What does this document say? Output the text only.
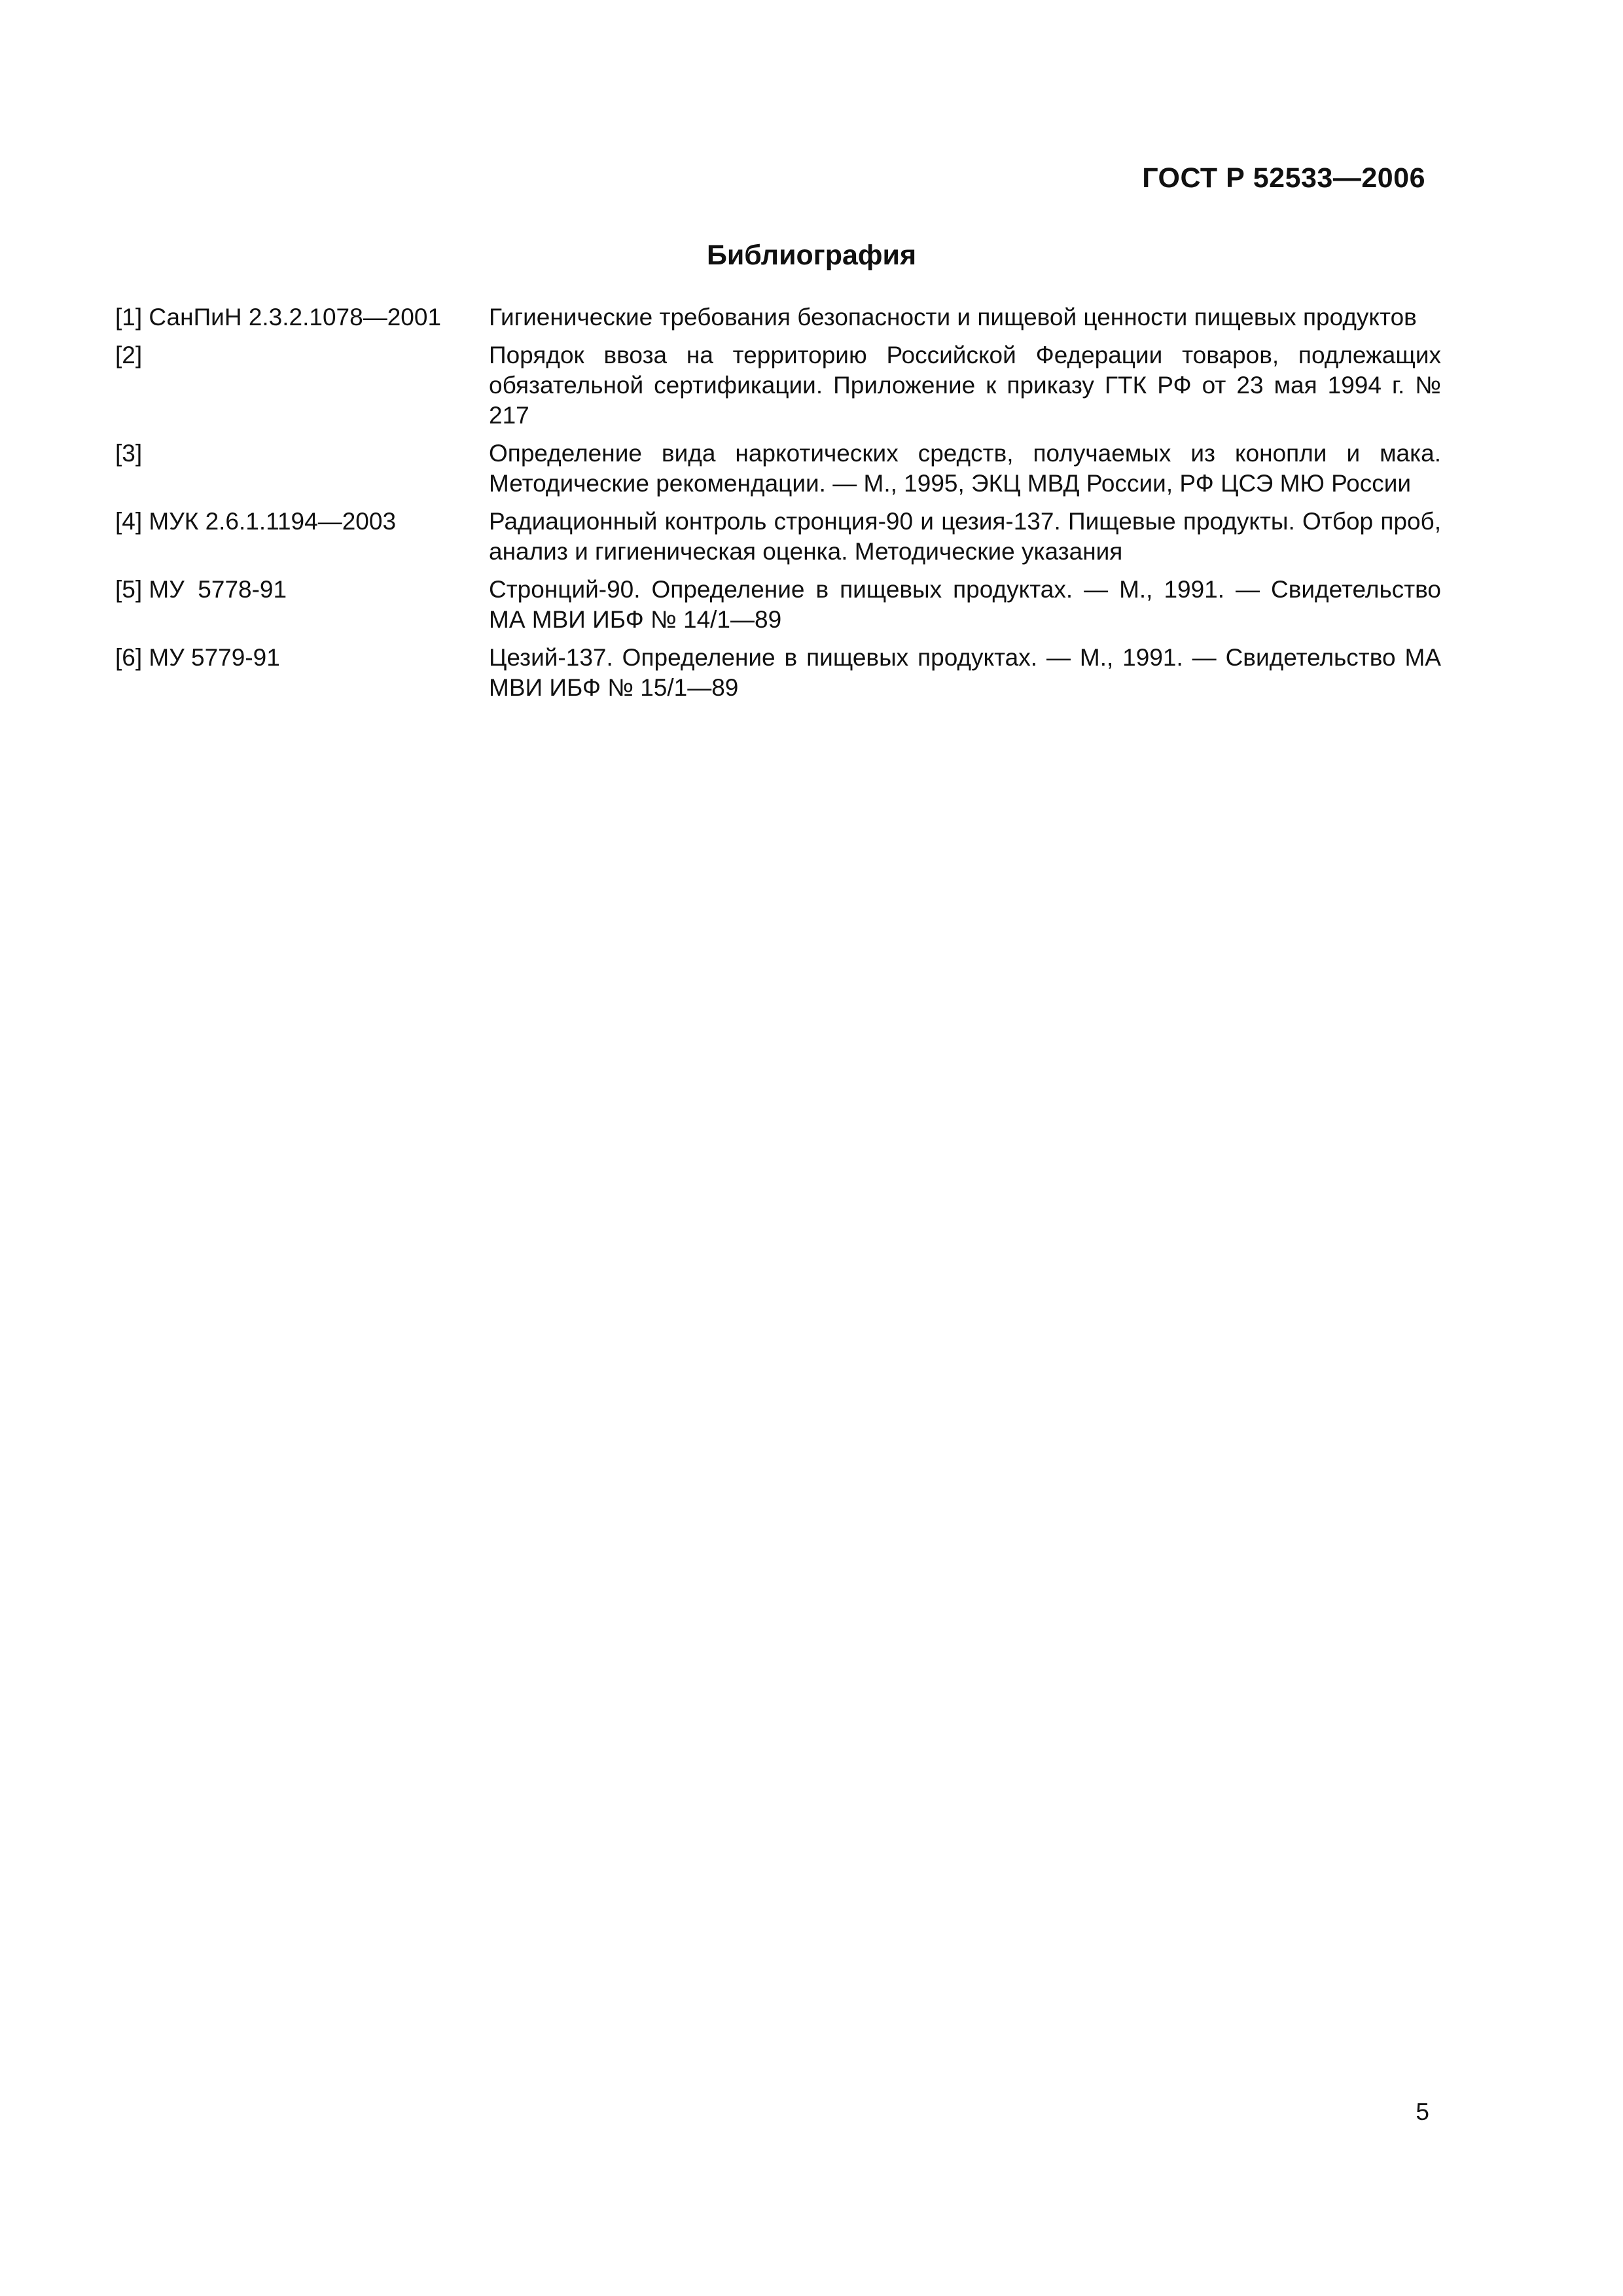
ГОСТ Р 52533—2006
Библиография
[1] СанПиН 2.3.2.1078—2001	Гигиенические требования безопасности и пищевой ценности пищевых продуктов
[2]	Порядок ввоза на территорию Российской Федерации товаров, подлежащих обязательной сертификации. Приложение к приказу ГТК РФ от 23 мая 1994 г. № 217
[3]	Определение вида наркотических средств, получаемых из конопли и мака. Методические рекомендации. — М., 1995, ЭКЦ МВД России, РФ ЦСЭ МЮ России
[4] МУК 2.6.1.1194—2003	Радиационный контроль стронция-90 и цезия-137. Пищевые продукты. Отбор проб, анализ и гигиеническая оценка. Методические указания
[5] МУ  5778-91	Стронций-90. Определение в пищевых продуктах. — М., 1991. — Свидетельство МА МВИ ИБФ № 14/1—89
[6] МУ 5779-91	Цезий-137. Определение в пищевых продуктах. — М., 1991. — Свидетельство МА МВИ ИБФ № 15/1—89
5
